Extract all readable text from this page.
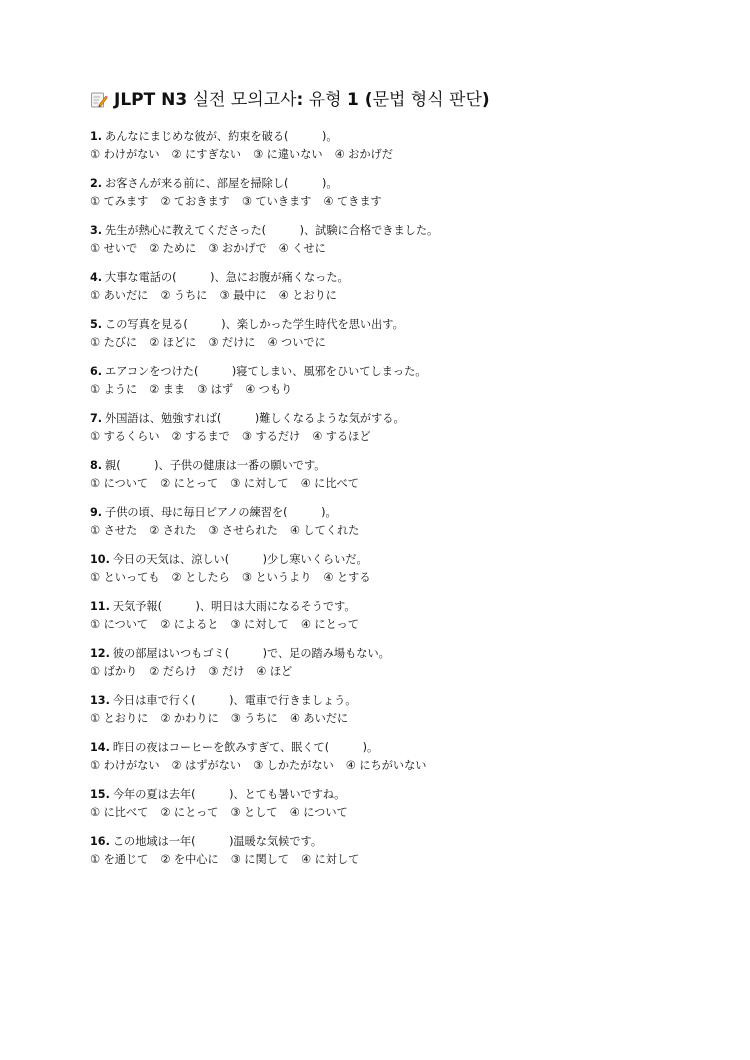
JLPT N3 실전 모의고사: 유형 1 (문법 형식 판단)
1. あんなにまじめな彼が、約束を破る(　　　)。
① わけがない ② にすぎない ③ に違いない ④ おかげだ
2. お客さんが来る前に、部屋を掃除し(　　　)。
① てみます ② ておきます ③ ていきます ④ てきます
3. 先生が熱心に教えてくださった(　　　)、試験に合格できました。
① せいで ② ために ③ おかげで ④ くせに
4. 大事な電話の(　　　)、急にお腹が痛くなった。
① あいだに ② うちに ③ 最中に ④ とおりに
5. この写真を見る(　　　)、楽しかった学生時代を思い出す。
① たびに ② ほどに ③ だけに ④ ついでに
6. エアコンをつけた(　　　)寝てしまい、風邪をひいてしまった。
① ように ② まま ③ はず ④ つもり
7. 外国語は、勉強すれば(　　　)難しくなるような気がする。
① するくらい ② するまで ③ するだけ ④ するほど
8. 親(　　　)、子供の健康は一番の願いです。
① について ② にとって ③ に対して ④ に比べて
9. 子供の頃、母に毎日ピアノの練習を(　　　)。
① させた ② された ③ させられた ④ してくれた
10. 今日の天気は、涼しい(　　　)少し寒いくらいだ。
① といっても ② としたら ③ というより ④ とする
11. 天気予報(　　　)、明日は大雨になるそうです。
① について ② によると ③ に対して ④ にとって
12. 彼の部屋はいつもゴミ(　　　)で、足の踏み場もない。
① ばかり ② だらけ ③ だけ ④ ほど
13. 今日は車で行く(　　　)、電車で行きましょう。
① とおりに ② かわりに ③ うちに ④ あいだに
14. 昨日の夜はコーヒーを飲みすぎて、眠くて(　　　)。
① わけがない ② はずがない ③ しかたがない ④ にちがいない
15. 今年の夏は去年(　　　)、とても暑いですね。
① に比べて ② にとって ③ として ④ について
16. この地域は一年(　　　)温暖な気候です。
① を通じて ② を中心に ③ に関して ④ に対して
